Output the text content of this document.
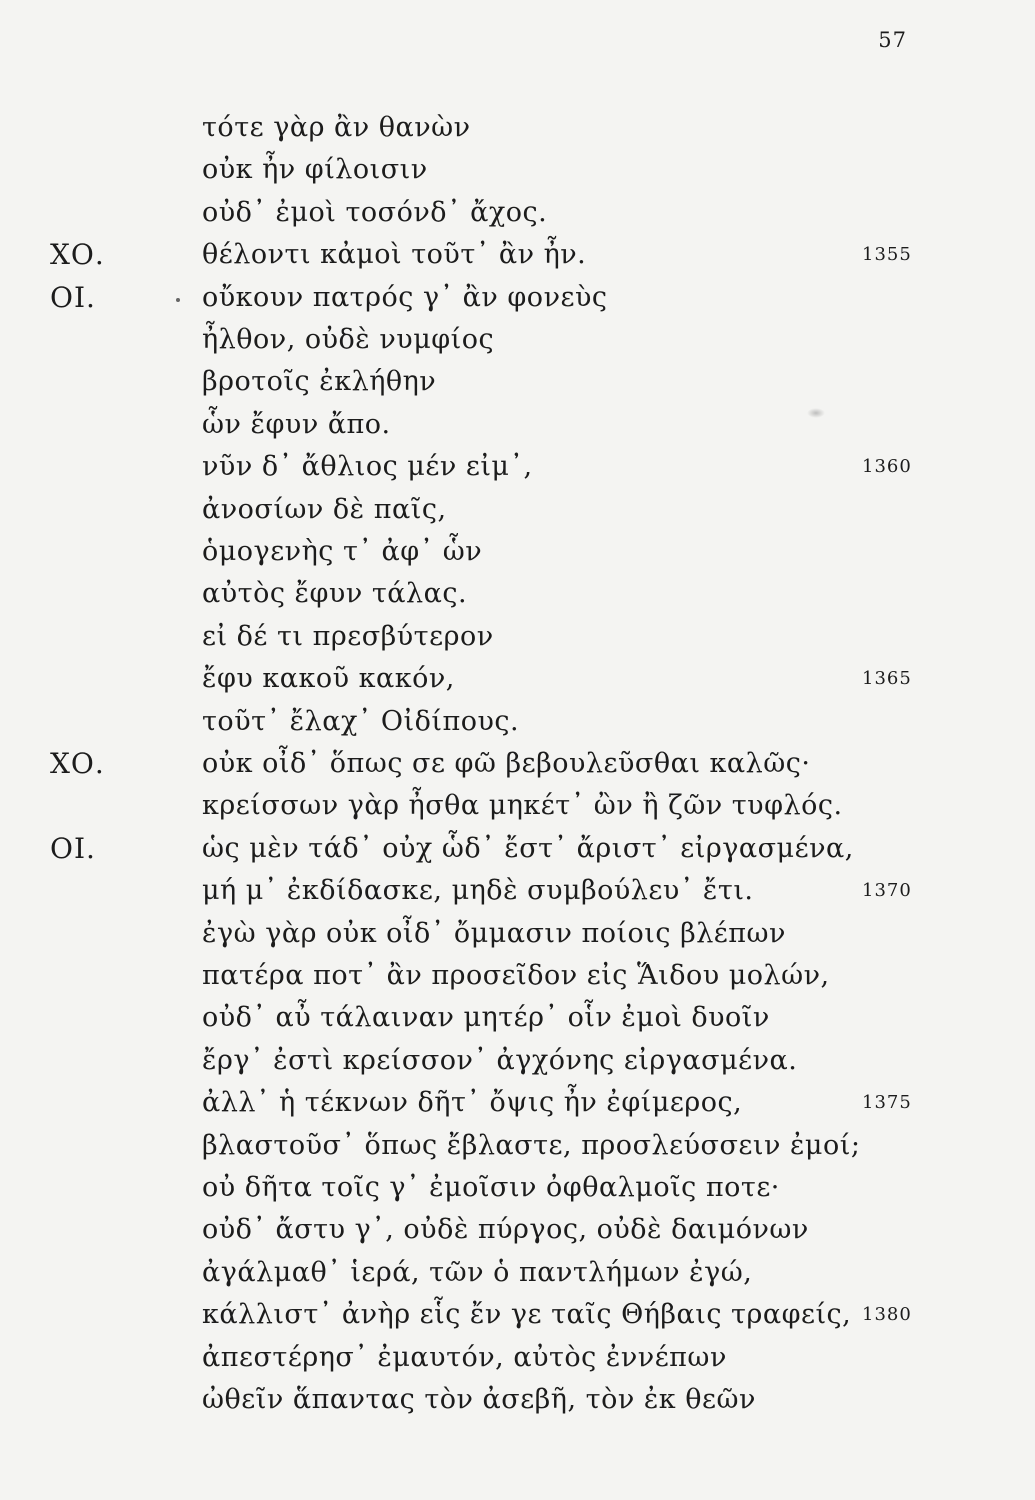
57
τότε γὰρ ἂν θανὼν
οὐκ ἦν φίλοισιν
οὐδ᾽ ἐμοὶ τοσόνδ᾽ ἄχος.
ΧΟ.	θέλοντι κἀμοὶ τοῦτ᾽ ἂν ἦν.	1355
ΟΙ.	οὔκουν πατρός γ᾽ ἂν φονεὺς
ἦλθον, οὐδὲ νυμφίος
βροτοῖς ἐκλήθην
ὧν ἔφυν ἄπο.
νῦν δ᾽ ἄθλιος μέν εἰμ᾽,	1360
ἀνοσίων δὲ παῖς,
ὁμογενὴς τ᾽ ἀφ᾽ ὧν
αὐτὸς ἔφυν τάλας.
εἰ δέ τι πρεσβύτερον
ἔφυ κακοῦ κακόν,	1365
τοῦτ᾽ ἔλαχ᾽ Οἰδίπους.
ΧΟ.	οὐκ οἶδ᾽ ὅπως σε φῶ βεβουλεῦσθαι καλῶς·
κρείσσων γὰρ ἦσθα μηκέτ᾽ ὢν ἢ ζῶν τυφλός.
ΟΙ.	ὡς μὲν τάδ᾽ οὐχ ὧδ᾽ ἔστ᾽ ἄριστ᾽ εἰργασμένα,
μή μ᾽ ἐκδίδασκε, μηδὲ συμβούλευ᾽ ἔτι.	1370
ἐγὼ γὰρ οὐκ οἶδ᾽ ὄμμασιν ποίοις βλέπων
πατέρα ποτ᾽ ἂν προσεῖδον εἰς Ἅιδου μολών,
οὐδ᾽ αὖ τάλαιναν μητέρ᾽ οἷν ἐμοὶ δυοῖν
ἔργ᾽ ἐστὶ κρείσσον᾽ ἀγχόνης εἰργασμένα.
ἀλλ᾽ ἡ τέκνων δῆτ᾽ ὄψις ἦν ἐφίμερος,	1375
βλαστοῦσ᾽ ὅπως ἔβλαστε, προσλεύσσειν ἐμοί;
οὐ δῆτα τοῖς γ᾽ ἐμοῖσιν ὀφθαλμοῖς ποτε·
οὐδ᾽ ἄστυ γ᾽, οὐδὲ πύργος, οὐδὲ δαιμόνων
ἀγάλμαθ᾽ ἱερά, τῶν ὁ παντλήμων ἐγώ,
κάλλιστ᾽ ἀνὴρ εἷς ἔν γε ταῖς Θήβαις τραφείς, 1380
ἀπεστέρησ᾽ ἐμαυτόν, αὐτὸς ἐννέπων
ὠθεῖν ἅπαντας τὸν ἀσεβῆ, τὸν ἐκ θεῶν
